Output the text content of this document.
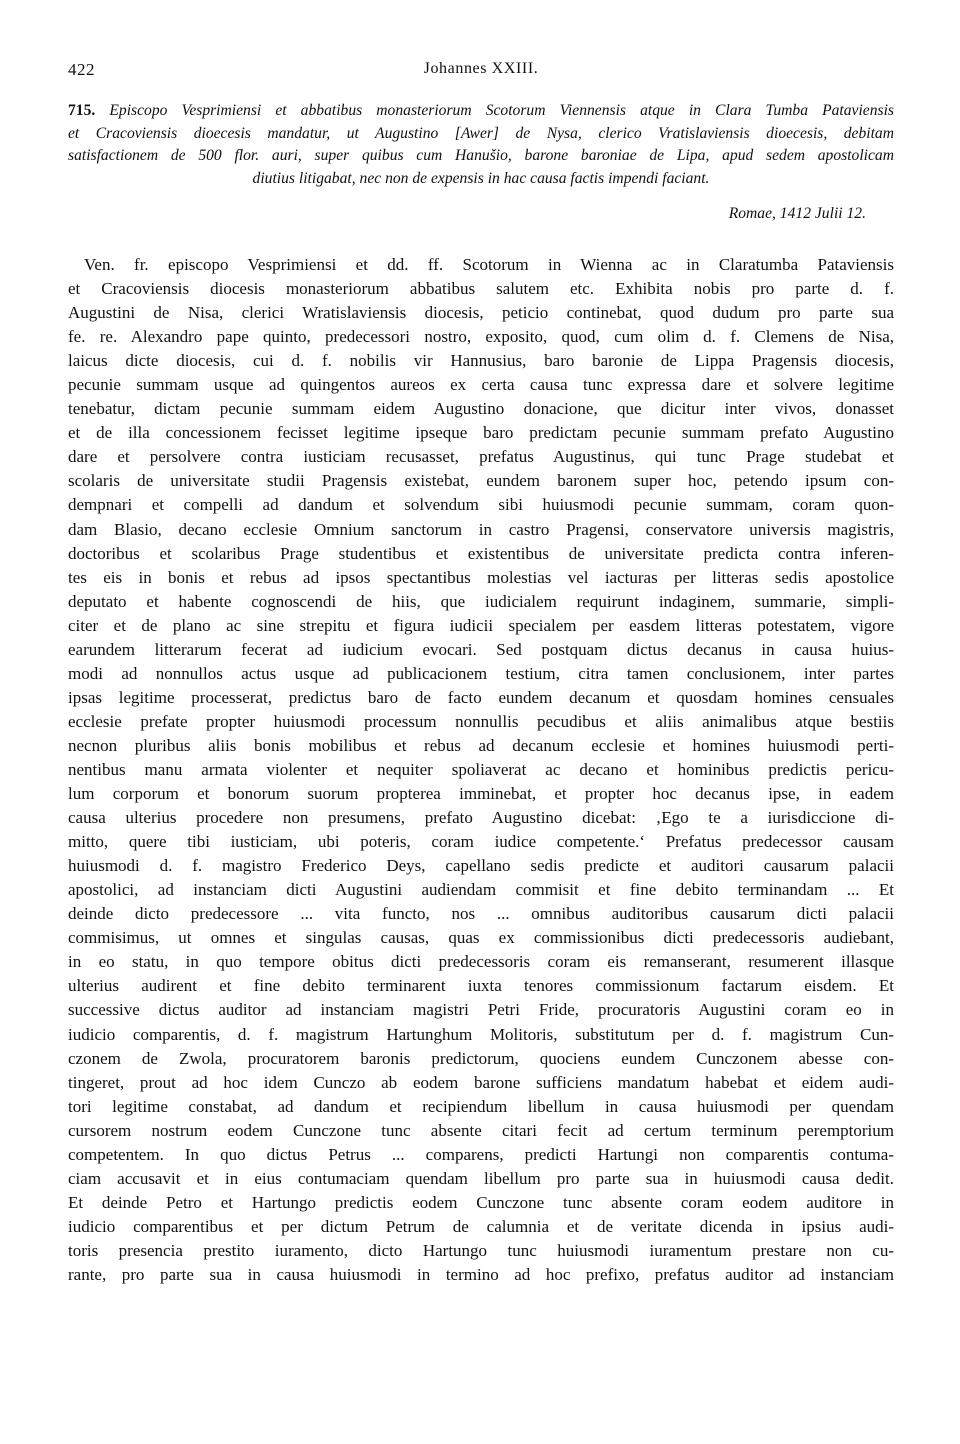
422	Johannes XXIII.
715. Episcopo Vesprimiensi et abbatibus monasteriorum Scotorum Viennensis atque in Clara Tumba Pataviensis
et Cracoviensis dioecesis mandatur, ut Augustino [Awer] de Nysa, clerico Vratislaviensis dioecesis, debitam
satisfactionem de 500 flor. auri, super quibus cum Hanušio, barone baroniae de Lipa, apud sedem apostolicam
diutius litigabat, nec non de expensis in hac causa factis impendi faciant.
Romae, 1412 Julii 12.
Ven. fr. episcopo Vesprimiensi et dd. ff. Scotorum in Wienna ac in Claratumba Pataviensis
et Cracoviensis diocesis monasteriorum abbatibus salutem etc. Exhibita nobis pro parte d. f.
Augustini de Nisa, clerici Wratislaviensis diocesis, peticio continebat, quod dudum pro parte sua
fe. re. Alexandro pape quinto, predecessori nostro, exposito, quod, cum olim d. f. Clemens de Nisa,
laicus dicte diocesis, cui d. f. nobilis vir Hannusius, baro baronie de Lippa Pragensis diocesis,
pecunie summam usque ad quingentos aureos ex certa causa tunc expressa dare et solvere legitime
tenebatur, dictam pecunie summam eidem Augustino donacione, que dicitur inter vivos, donasset
et de illa concessionem fecisset legitime ipseque baro predictam pecunie summam prefato Augustino
dare et persolvere contra iusticiam recusasset, prefatus Augustinus, qui tunc Prage studebat et
scolaris de universitate studii Pragensis existebat, eundem baronem super hoc, petendo ipsum con-
dempnari et compelli ad dandum et solvendum sibi huiusmodi pecunie summam, coram quon-
dam Blasio, decano ecclesie Omnium sanctorum in castro Pragensi, conservatore universis magistris,
doctoribus et scolaribus Prage studentibus et existentibus de universitate predicta contra inferen-
tes eis in bonis et rebus ad ipsos spectantibus molestias vel iacturas per litteras sedis apostolice
deputato et habente cognoscendi de hiis, que iudicialem requirunt indaginem, summarie, simpli-
citer et de plano ac sine strepitu et figura iudicii specialem per easdem litteras potestatem, vigore
earundem litterarum fecerat ad iudicium evocari. Sed postquam dictus decanus in causa huius-
modi ad nonnullos actus usque ad publicacionem testium, citra tamen conclusionem, inter partes
ipsas legitime processerat, predictus baro de facto eundem decanum et quosdam homines censuales
ecclesie prefate propter huiusmodi processum nonnullis pecudibus et aliis animalibus atque bestiis
necnon pluribus aliis bonis mobilibus et rebus ad decanum ecclesie et homines huiusmodi perti-
nentibus manu armata violenter et nequiter spoliaverat ac decano et hominibus predictis pericu-
lum corporum et bonorum suorum propterea imminebat, et propter hoc decanus ipse, in eadem
causa ulterius procedere non presumens, prefato Augustino dicebat: ‚Ego te a iurisdiccione di-
mitto, quere tibi iusticiam, ubi poteris, coram iudice competente.‘ Prefatus predecessor causam
huiusmodi d. f. magistro Frederico Deys, capellano sedis predicte et auditori causarum palacii
apostolici, ad instanciam dicti Augustini audiendam commisit et fine debito terminandam ... Et
deinde dicto predecessore ... vita functo, nos ... omnibus auditoribus causarum dicti palacii
commisimus, ut omnes et singulas causas, quas ex commissionibus dicti predecessoris audiebant,
in eo statu, in quo tempore obitus dicti predecessoris coram eis remanserant, resumerent illasque
ulterius audirent et fine debito terminarent iuxta tenores commissionum factarum eisdem. Et
successive dictus auditor ad instanciam magistri Petri Fride, procuratoris Augustini coram eo in
iudicio comparentis, d. f. magistrum Hartunghum Molitoris, substitutum per d. f. magistrum Cun-
czonem de Zwola, procuratorem baronis predictorum, quociens eundem Cunczonem abesse con-
tingeret, prout ad hoc idem Cunczo ab eodem barone sufficiens mandatum habebat et eidem audi-
tori legitime constabat, ad dandum et recipiendum libellum in causa huiusmodi per quendam
cursorem nostrum eodem Cunczone tunc absente citari fecit ad certum terminum peremptorium
competentem. In quo dictus Petrus ... comparens, predicti Hartungi non comparentis contuma-
ciam accusavit et in eius contumaciam quendam libellum pro parte sua in huiusmodi causa dedit.
Et deinde Petro et Hartungo predictis eodem Cunczone tunc absente coram eodem auditore in
iudicio comparentibus et per dictum Petrum de calumnia et de veritate dicenda in ipsius audi-
toris presencia prestito iuramento, dicto Hartungo tunc huiusmodi iuramentum prestare non cu-
rante, pro parte sua in causa huiusmodi in termino ad hoc prefixo, prefatus auditor ad instanciam
